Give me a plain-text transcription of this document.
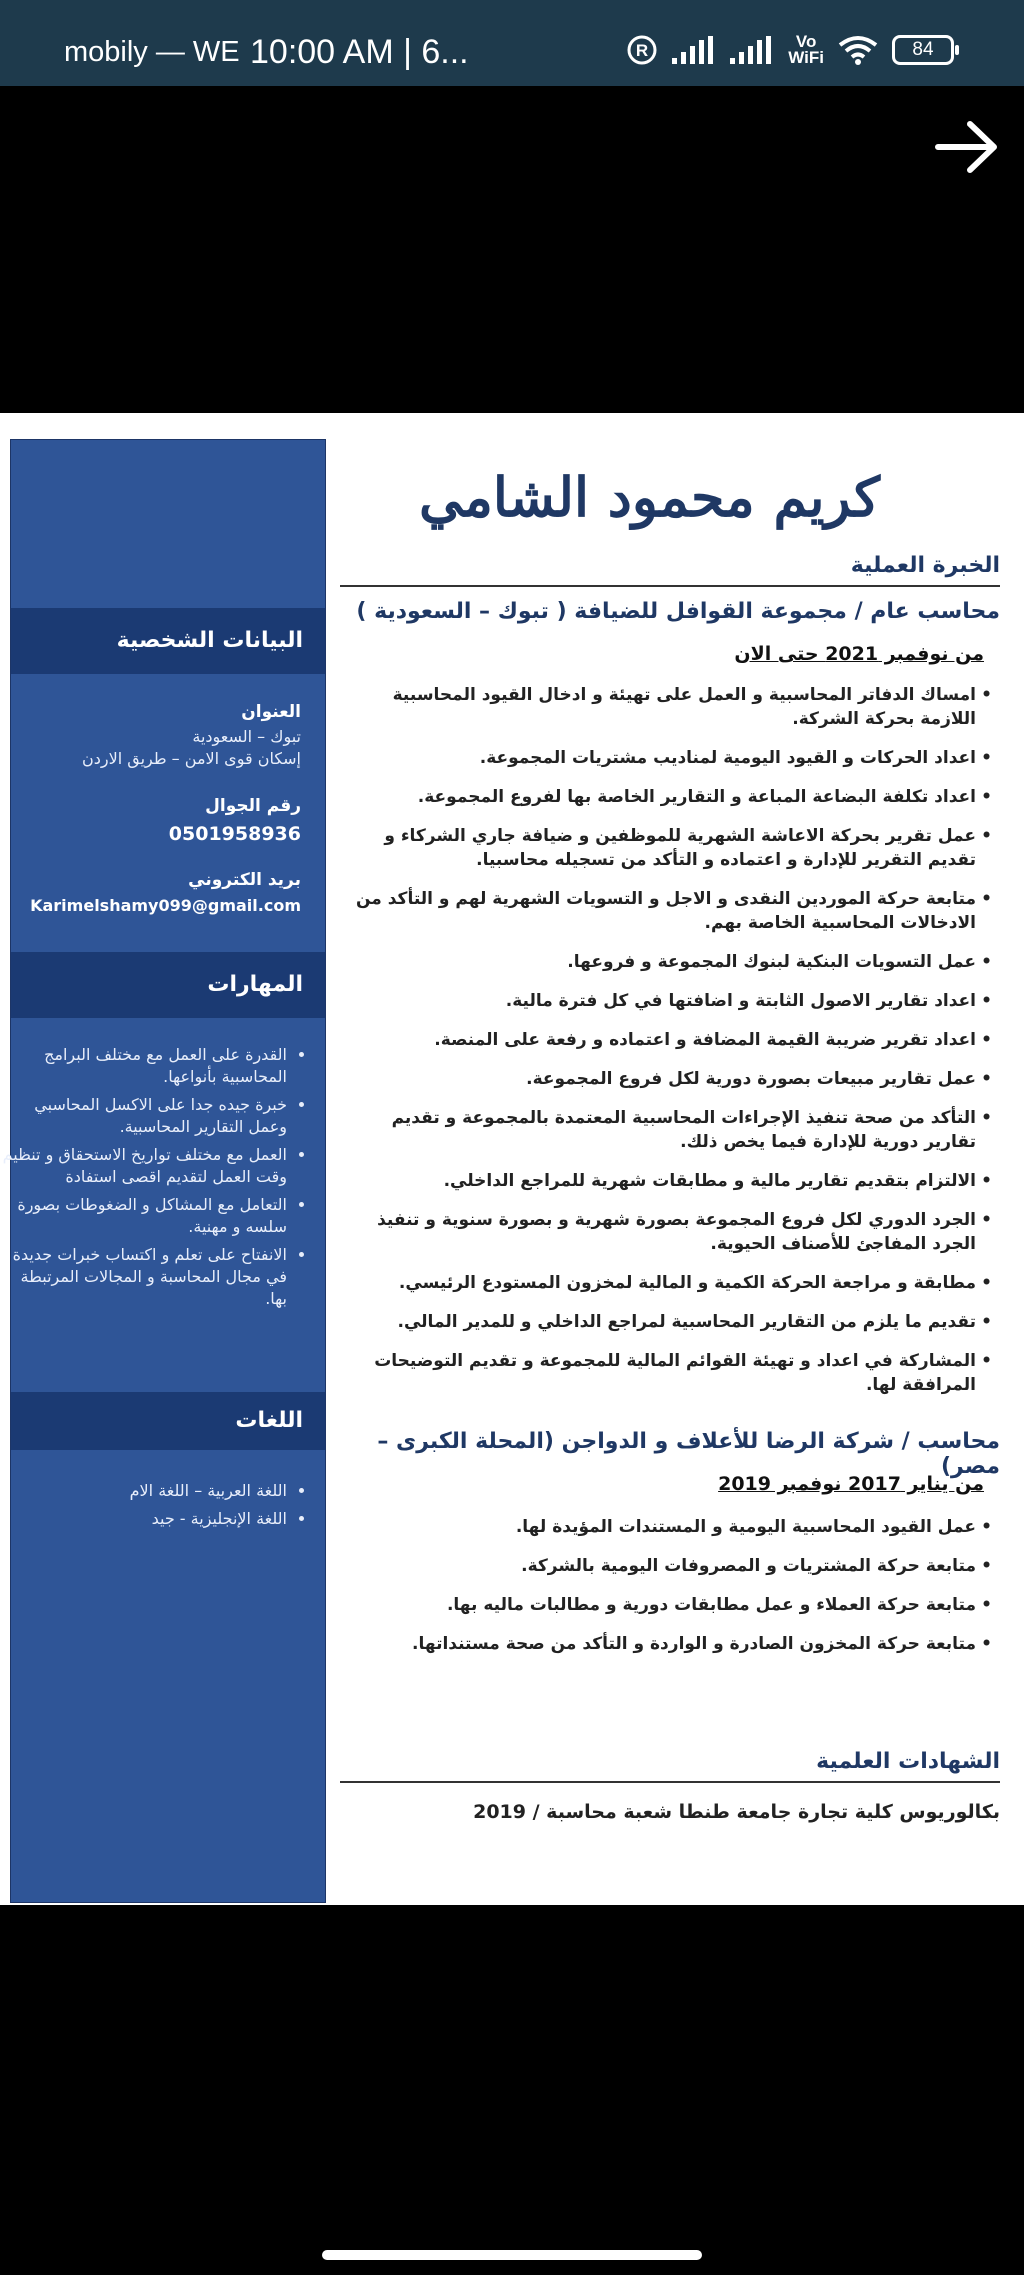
mobily — WE 10:00 AM | 6...	R	Vo
WiFi	84
البيانات الشخصية
العنوان
تبوك – السعودية
إسكان قوى الامن – طريق الاردن
رقم الجوال
0501958936
بريد الكتروني
Karimelshamy099@gmail.com
المهارات
• القدرة على العمل مع مختلف البرامج المحاسبية بأنواعها.
• خبرة جيده جدا على الاكسل المحاسبي وعمل التقارير المحاسبية.
• العمل مع مختلف تواريخ الاستحقاق و تنظيم وقت العمل لتقديم اقصى استفادة
• التعامل مع المشاكل و الضغوطات بصورة سلسه و مهنية.
• الانفتاح على تعلم و اكتساب خبرات جديدة في مجال المحاسبة و المجالات المرتبطة بها.
اللغات
• اللغة العربية – اللغة الام
• اللغة الإنجليزية - جيد
كريم محمود الشامي
الخبرة العملية
محاسب عام / مجموعة القوافل للضيافة ( تبوك – السعودية )
من نوفمبر 2021 حتى الان
• امساك الدفاتر المحاسبية و العمل على تهيئة و ادخال القيود المحاسبية اللازمة بحركة الشركة.
• اعداد الحركات و القيود اليومية لمناديب مشتريات المجموعة.
• اعداد تكلفة البضاعة المباعة و التقارير الخاصة بها لفروع المجموعة.
• عمل تقرير بحركة الاعاشة الشهرية للموظفين و ضيافة جاري الشركاء و تقديم التقرير للإدارة و اعتماده و التأكد من تسجيله محاسبيا.
• متابعة حركة الموردين النقدى و الاجل و التسويات الشهرية لهم و التأكد من الادخالات المحاسبية الخاصة بهم.
• عمل التسويات البنكية لبنوك المجموعة و فروعها.
• اعداد تقارير الاصول الثابتة و اضافتها في كل فترة مالية.
• اعداد تقرير ضريبة القيمة المضافة و اعتماده و رفعة على المنصة.
• عمل تقارير مبيعات بصورة دورية لكل فروع المجموعة.
• التأكد من صحة تنفيذ الإجراءات المحاسبية المعتمدة بالمجموعة و تقديم تقارير دورية للإدارة فيما يخص ذلك.
• الالتزام بتقديم تقارير مالية و مطابقات شهرية للمراجع الداخلي.
• الجرد الدوري لكل فروع المجموعة بصورة شهرية و بصورة سنوية و تنفيذ الجرد المفاجئ للأصناف الحيوية.
• مطابقة و مراجعة الحركة الكمية و المالية لمخزون المستودع الرئيسي.
• تقديم ما يلزم من التقارير المحاسبية لمراجع الداخلي و للمدير المالي.
• المشاركة في اعداد و تهيئة القوائم المالية للمجموعة و تقديم التوضيحات المرافقة لها.
محاسب / شركة الرضا للأعلاف و الدواجن (المحلة الكبرى – مصر)
من يناير 2017 نوفمبر 2019
• عمل القيود المحاسبية اليومية و المستندات المؤيدة لها.
• متابعة حركة المشتريات و المصروفات اليومية بالشركة.
• متابعة حركة العملاء و عمل مطابقات دورية و مطالبات ماليه بها.
• متابعة حركة المخزون الصادرة و الواردة و التأكد من صحة مستنداتها.
الشهادات العلمية
بكالوريوس كلية تجارة جامعة طنطا شعبة محاسبة / 2019
